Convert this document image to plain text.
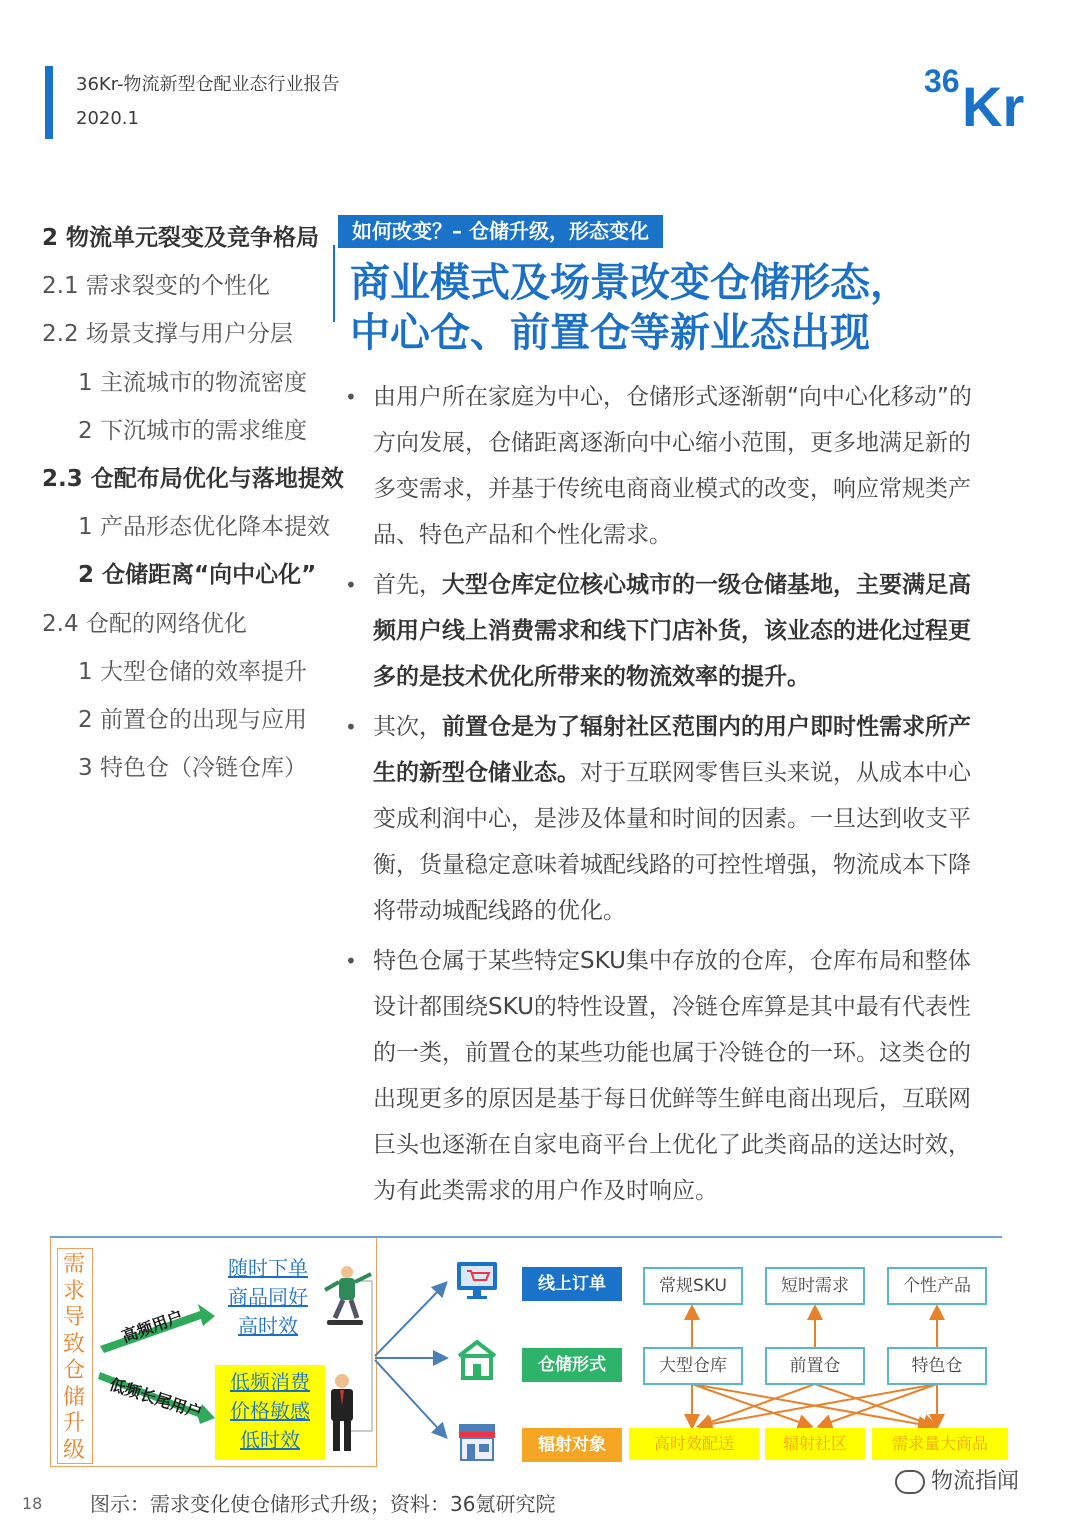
36Kr-物流新型仓配业态行业报告
2020.1
36 Kr
2 物流单元裂变及竞争格局
2.1 需求裂变的个性化
2.2 场景支撑与用户分层
1 主流城市的物流密度
2 下沉城市的需求维度
2.3 仓配布局优化与落地提效
1 产品形态优化降本提效
2 仓储距离“向中心化”
2.4 仓配的网络优化
1 大型仓储的效率提升
2 前置仓的出现与应用
3 特色仓（冷链仓库）
如何改变？– 仓储升级，形态变化
商业模式及场景改变仓储形态，
中心仓、前置仓等新业态出现
• 由用户所在家庭为中心，仓储形式逐渐朝“向中心化移动”的方向发展，仓储距离逐渐向中心缩小范围，更多地满足新的多变需求，并基于传统电商商业模式的改变，响应常规类产品、特色产品和个性化需求。
• 首先，大型仓库定位核心城市的一级仓储基地，主要满足高频用户线上消费需求和线下门店补货，该业态的进化过程更多的是技术优化所带来的物流效率的提升。
• 其次，前置仓是为了辐射社区范围内的用户即时性需求所产生的新型仓储业态。对于互联网零售巨头来说，从成本中心变成利润中心，是涉及体量和时间的因素。一旦达到收支平衡，货量稳定意味着城配线路的可控性增强，物流成本下降将带动城配线路的优化。
• 特色仓属于某些特定SKU集中存放的仓库，仓库布局和整体设计都围绕SKU的特性设置，冷链仓库算是其中最有代表性的一类，前置仓的某些功能也属于冷链仓的一环。这类仓的出现更多的原因是基于每日优鲜等生鲜电商出现后，互联网巨头也逐渐在自家电商平台上优化了此类商品的送达时效，为有此类需求的用户作及时响应。
需求导致仓储升级
高频用户
低频长尾用户
随时下单
商品同好
高时效
低频消费
价格敏感
低时效
线上订单
仓储形式
辐射对象
常规SKU	短时需求	个性产品
大型仓库	前置仓	特色仓
高时效配送	辐射社区	需求量大商品
18 图示：需求变化使仓储形式升级；资料：36氪研究院
物流指闻
